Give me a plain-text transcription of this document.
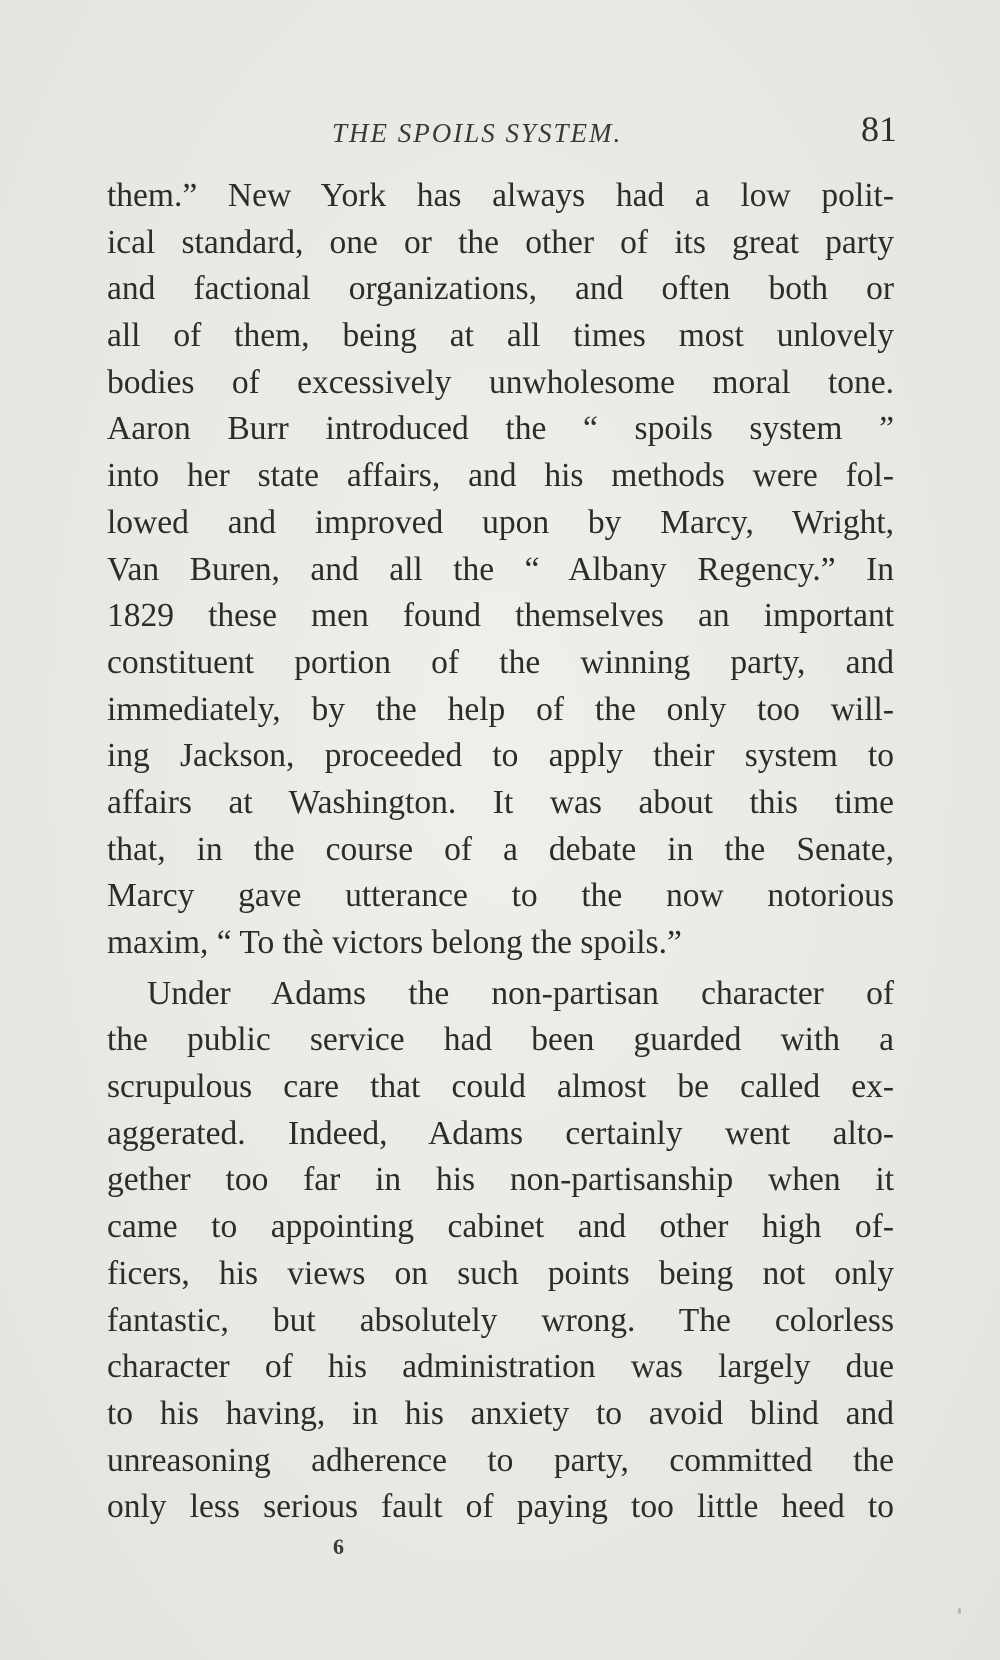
THE SPOILS SYSTEM.	81
them.” New York has always had a low polit-
ical standard, one or the other of its great party
and factional organizations, and often both or
all of them, being at all times most unlovely
bodies of excessively unwholesome moral tone.
Aaron Burr introduced the “ spoils system ”
into her state affairs, and his methods were fol-
lowed and improved upon by Marcy, Wright,
Van Buren, and all the “ Albany Regency.” In
1829 these men found themselves an important
constituent portion of the winning party, and
immediately, by the help of the only too will-
ing Jackson, proceeded to apply their system to
affairs at Washington. It was about this time
that, in the course of a debate in the Senate,
Marcy gave utterance to the now notorious
maxim, “ To thè victors belong the spoils.”
Under Adams the non-partisan character of
the public service had been guarded with a
scrupulous care that could almost be called ex-
aggerated. Indeed, Adams certainly went alto-
gether too far in his non-partisanship when it
came to appointing cabinet and other high of-
ficers, his views on such points being not only
fantastic, but absolutely wrong. The colorless
character of his administration was largely due
to his having, in his anxiety to avoid blind and
unreasoning adherence to party, committed the
only less serious fault of paying too little heed to
6
